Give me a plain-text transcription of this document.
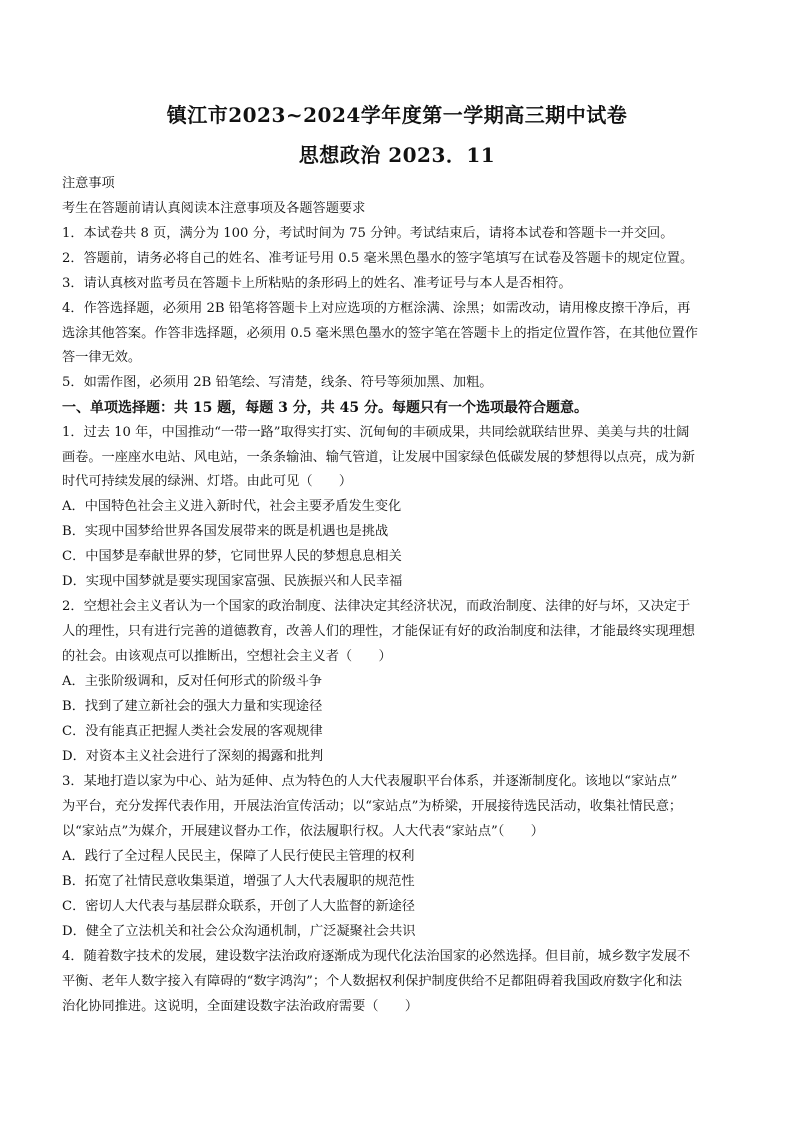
镇江市2023~2024学年度第一学期高三期中试卷
思想政治 2023．11
注意事项
考生在答题前请认真阅读本注意事项及各题答题要求
1．本试卷共 8 页，满分为 100 分，考试时间为 75 分钟。考试结束后，请将本试卷和答题卡一并交回。
2．答题前，请务必将自己的姓名、准考证号用 0.5 毫米黑色墨水的签字笔填写在试卷及答题卡的规定位置。
3．请认真核对监考员在答题卡上所粘贴的条形码上的姓名、准考证号与本人是否相符。
4．作答选择题，必须用 2B 铅笔将答题卡上对应选项的方框涂满、涂黑；如需改动，请用橡皮擦干净后，再
选涂其他答案。作答非选择题，必须用 0.5 毫米黑色墨水的签字笔在答题卡上的指定位置作答，在其他位置作
答一律无效。
5．如需作图，必须用 2B 铅笔绘、写清楚，线条、符号等须加黑、加粗。
一、单项选择题：共 15 题，每题 3 分，共 45 分。每题只有一个选项最符合题意。
1．过去 10 年，中国推动“一带一路”取得实打实、沉甸甸的丰硕成果，共同绘就联结世界、美美与共的壮阔
画卷。一座座水电站、风电站，一条条输油、输气管道，让发展中国家绿色低碳发展的梦想得以点亮，成为新
时代可持续发展的绿洲、灯塔。由此可见（　　）
A．中国特色社会主义进入新时代，社会主要矛盾发生变化
B．实现中国梦给世界各国发展带来的既是机遇也是挑战
C．中国梦是奉献世界的梦，它同世界人民的梦想息息相关
D．实现中国梦就是要实现国家富强、民族振兴和人民幸福
2．空想社会主义者认为一个国家的政治制度、法律决定其经济状况，而政治制度、法律的好与坏，又决定于
人的理性，只有进行完善的道德教育，改善人们的理性，才能保证有好的政治制度和法律，才能最终实现理想
的社会。由该观点可以推断出，空想社会主义者（　　）
A．主张阶级调和，反对任何形式的阶级斗争
B．找到了建立新社会的强大力量和实现途径
C．没有能真正把握人类社会发展的客观规律
D．对资本主义社会进行了深刻的揭露和批判
3．某地打造以家为中心、站为延伸、点为特色的人大代表履职平台体系，并逐渐制度化。该地以“家站点”
为平台，充分发挥代表作用，开展法治宣传活动；以“家站点”为桥梁，开展接待选民活动，收集社情民意；
以“家站点”为媒介，开展建议督办工作，依法履职行权。人大代表“家站点”（　　）
A．践行了全过程人民民主，保障了人民行使民主管理的权利
B．拓宽了社情民意收集渠道，增强了人大代表履职的规范性
C．密切人大代表与基层群众联系，开创了人大监督的新途径
D．健全了立法机关和社会公众沟通机制，广泛凝聚社会共识
4．随着数字技术的发展，建设数字法治政府逐渐成为现代化法治国家的必然选择。但目前，城乡数字发展不
平衡、老年人数字接入有障碍的“数字鸿沟”；个人数据权利保护制度供给不足都阻碍着我国政府数字化和法
治化协同推进。这说明，全面建设数字法治政府需要（　　）
